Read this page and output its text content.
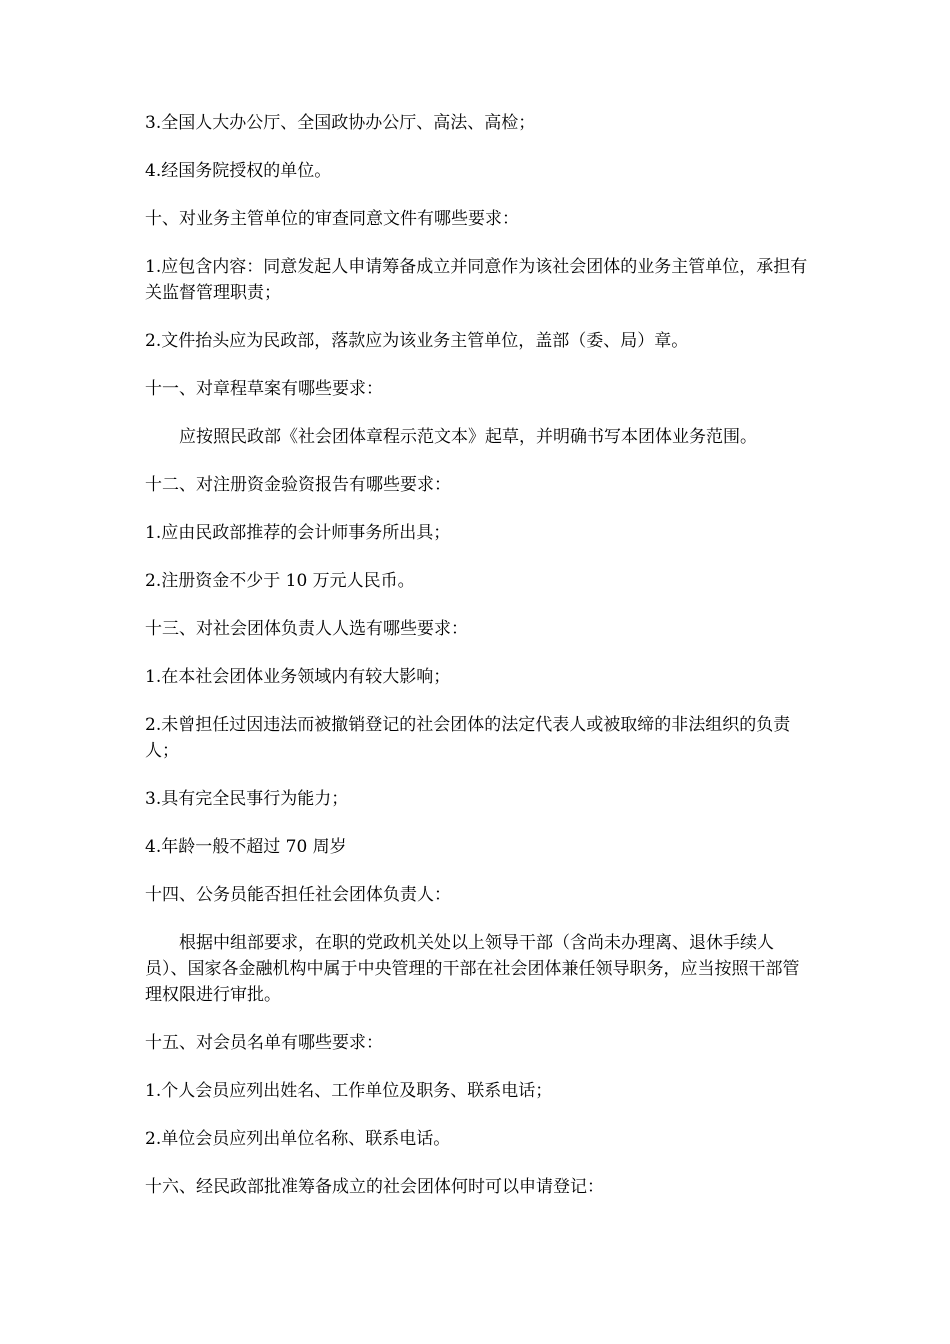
3.全国人大办公厅、全国政协办公厅、高法、高检；

4.经国务院授权的单位。

十、对业务主管单位的审查同意文件有哪些要求：

1.应包含内容：同意发起人申请筹备成立并同意作为该社会团体的业务主管单位，承担有关监督管理职责；

2.文件抬头应为民政部，落款应为该业务主管单位，盖部（委、局）章。

十一、对章程草案有哪些要求：

应按照民政部《社会团体章程示范文本》起草，并明确书写本团体业务范围。

十二、对注册资金验资报告有哪些要求：

1.应由民政部推荐的会计师事务所出具；

2.注册资金不少于 10 万元人民币。

十三、对社会团体负责人人选有哪些要求：

1.在本社会团体业务领域内有较大影响；

2.未曾担任过因违法而被撤销登记的社会团体的法定代表人或被取缔的非法组织的负责人；

3.具有完全民事行为能力；

4.年龄一般不超过 70 周岁

十四、公务员能否担任社会团体负责人：

根据中组部要求，在职的党政机关处以上领导干部（含尚未办理离、退休手续人员）、国家各金融机构中属于中央管理的干部在社会团体兼任领导职务，应当按照干部管理权限进行审批。

十五、对会员名单有哪些要求：

1.个人会员应列出姓名、工作单位及职务、联系电话；

2.单位会员应列出单位名称、联系电话。

十六、经民政部批准筹备成立的社会团体何时可以申请登记：
